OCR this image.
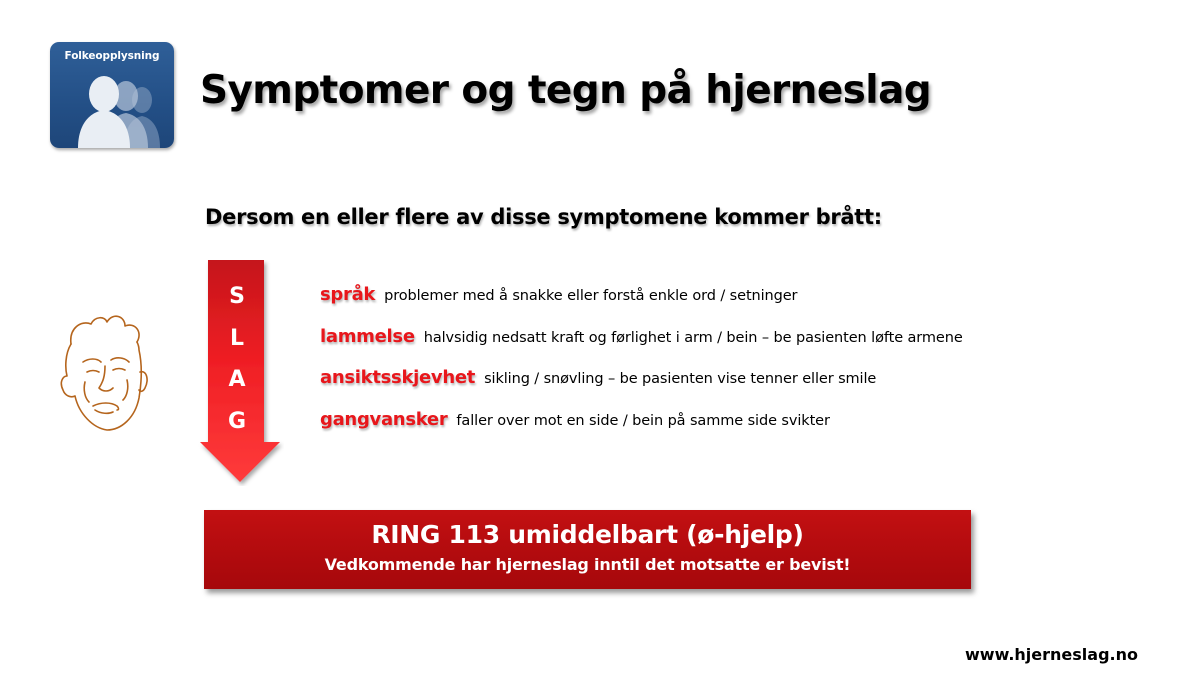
Folkeopplysning
Symptomer og tegn på hjerneslag
Dersom en eller flere av disse symptomene kommer brått:
S
L
A
G
språk problemer med å snakke eller forstå enkle ord / setninger
lammelse halvsidig nedsatt kraft og førlighet i arm / bein – be pasienten løfte armene
ansiktsskjevhet sikling / snøvling – be pasienten vise tenner eller smile
gangvansker faller over mot en side / bein på samme side svikter
RING 113 umiddelbart (ø-hjelp)
Vedkommende har hjerneslag inntil det motsatte er bevist!
www.hjerneslag.no
